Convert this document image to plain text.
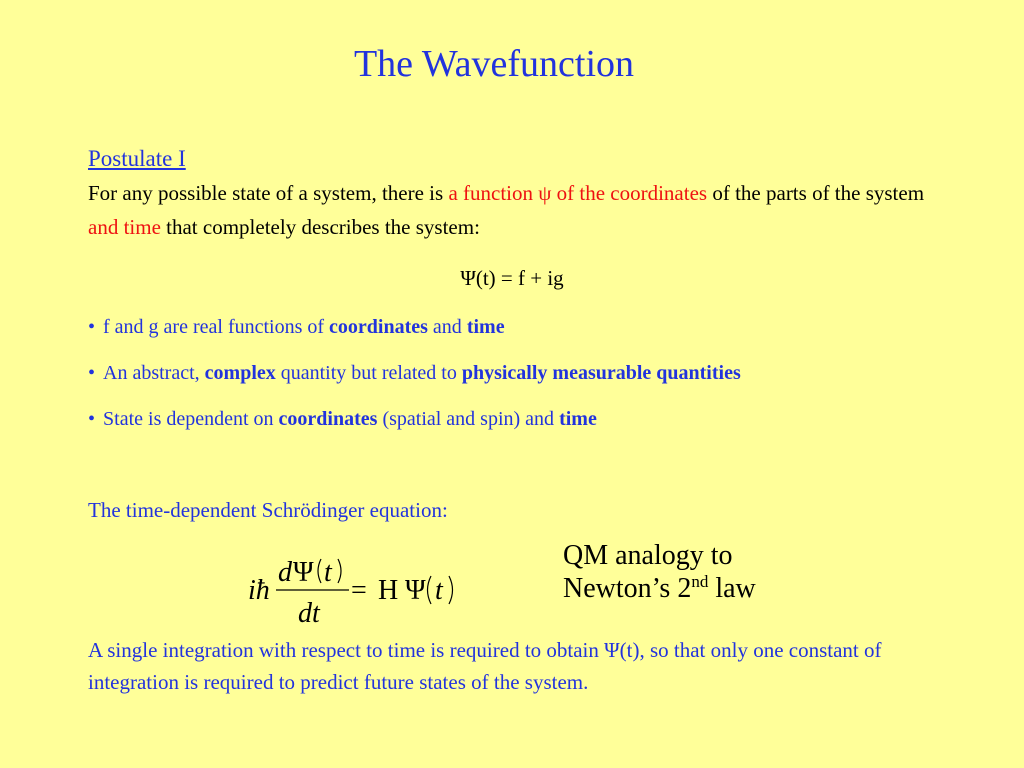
The Wavefunction
Postulate I
For any possible state of a system, there is a function ψ of the coordinates of the parts of the system and time that completely describes the system:
Ψ(t) = f + ig
• f and g are real functions of coordinates and time
• An abstract, complex quantity but related to physically measurable quantities
• State is dependent on coordinates (spatial and spin) and time
The time-dependent Schrödinger equation:
iħ
d Ψ t
dt
= H Ψ t
QM analogy to
Newton’s 2nd law
A single integration with respect to time is required to obtain Ψ(t), so that only one constant of integration is required to predict future states of the system.
